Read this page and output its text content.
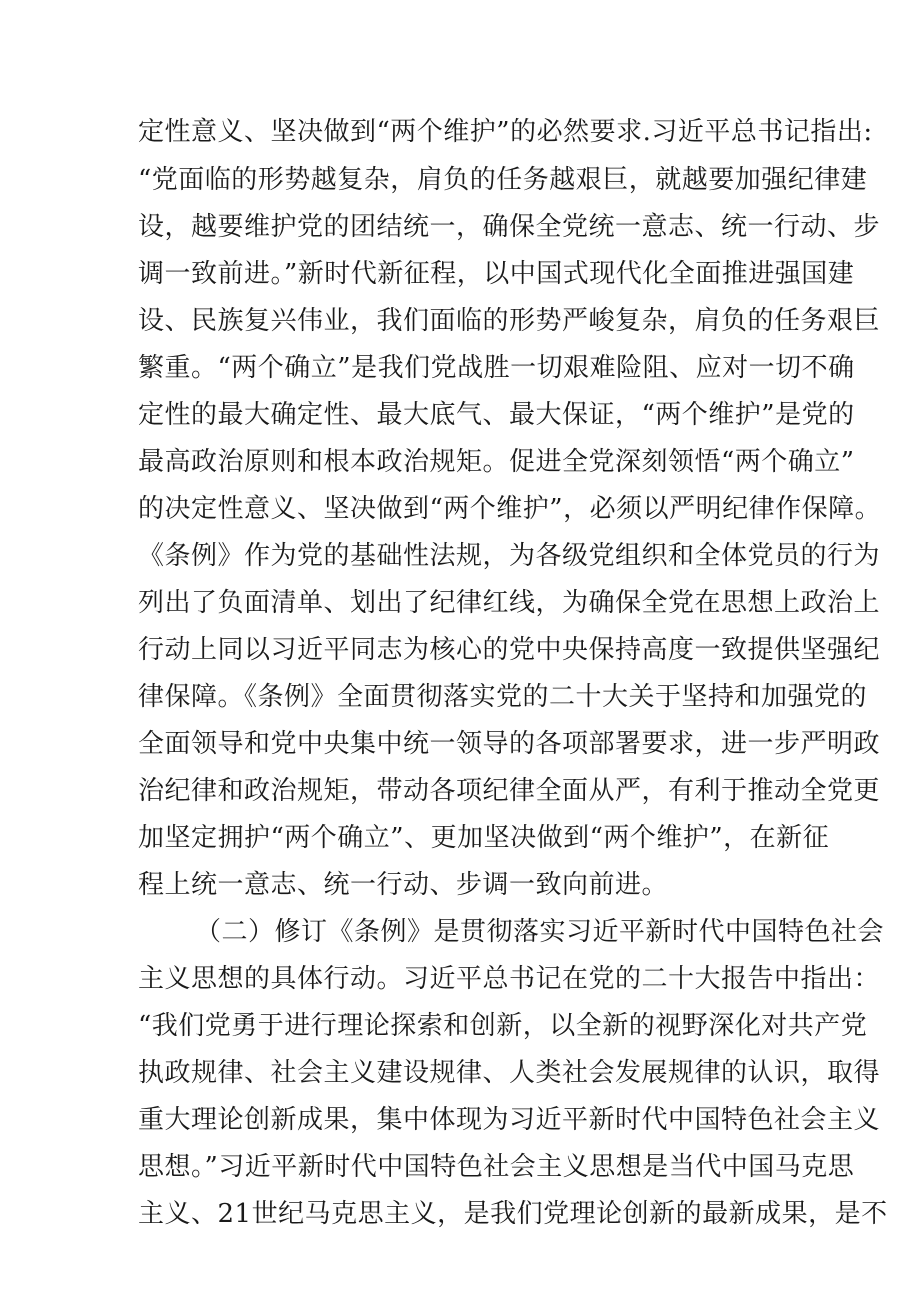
定性意义、坚决做到“两个维护”的必然要求.习近平总书记指出:
“党面临的形势越复杂，肩负的任务越艰巨，就越要加强纪律建
设，越要维护党的团结统一，确保全党统一意志、统一行动、步
调一致前进。”新时代新征程，以中国式现代化全面推进强国建
设、民族复兴伟业，我们面临的形势严峻复杂，肩负的任务艰巨
繁重。“两个确立”是我们党战胜一切艰难险阻、应对一切不确
定性的最大确定性、最大底气、最大保证，“两个维护”是党的
最高政治原则和根本政治规矩。促进全党深刻领悟“两个确立”
的决定性意义、坚决做到“两个维护”，必须以严明纪律作保障。
《条例》作为党的基础性法规，为各级党组织和全体党员的行为
列出了负面清单、划出了纪律红线，为确保全党在思想上政治上
行动上同以习近平同志为核心的党中央保持高度一致提供坚强纪
律保障。《条例》全面贯彻落实党的二十大关于坚持和加强党的
全面领导和党中央集中统一领导的各项部署要求，进一步严明政
治纪律和政治规矩，带动各项纪律全面从严，有利于推动全党更
加坚定拥护“两个确立”、更加坚决做到“两个维护”，在新征
程上统一意志、统一行动、步调一致向前进。
（二）修订《条例》是贯彻落实习近平新时代中国特色社会
主义思想的具体行动。习近平总书记在党的二十大报告中指出：
“我们党勇于进行理论探索和创新，以全新的视野深化对共产党
执政规律、社会主义建设规律、人类社会发展规律的认识，取得
重大理论创新成果，集中体现为习近平新时代中国特色社会主义
思想。”习近平新时代中国特色社会主义思想是当代中国马克思
主义、21世纪马克思主义，是我们党理论创新的最新成果，是不
